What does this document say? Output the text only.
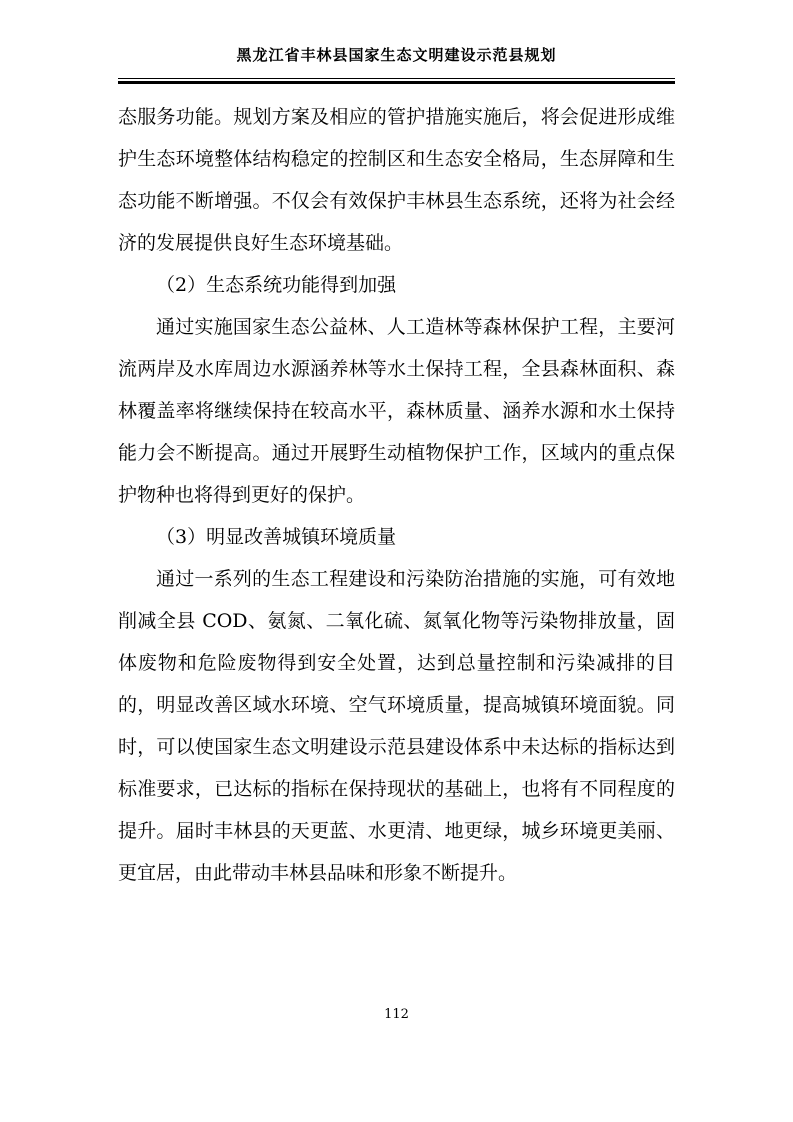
黑龙江省丰林县国家生态文明建设示范县规划

态服务功能。规划方案及相应的管护措施实施后，将会促进形成维护生态环境整体结构稳定的控制区和生态安全格局，生态屏障和生态功能不断增强。不仅会有效保护丰林县生态系统，还将为社会经济的发展提供良好生态环境基础。

（2）生态系统功能得到加强

通过实施国家生态公益林、人工造林等森林保护工程，主要河流两岸及水库周边水源涵养林等水土保持工程，全县森林面积、森林覆盖率将继续保持在较高水平，森林质量、涵养水源和水土保持能力会不断提高。通过开展野生动植物保护工作，区域内的重点保护物种也将得到更好的保护。

（3）明显改善城镇环境质量

通过一系列的生态工程建设和污染防治措施的实施，可有效地削减全县 COD、氨氮、二氧化硫、氮氧化物等污染物排放量，固体废物和危险废物得到安全处置，达到总量控制和污染减排的目的，明显改善区域水环境、空气环境质量，提高城镇环境面貌。同时，可以使国家生态文明建设示范县建设体系中未达标的指标达到标准要求，已达标的指标在保持现状的基础上，也将有不同程度的提升。届时丰林县的天更蓝、水更清、地更绿，城乡环境更美丽、更宜居，由此带动丰林县品味和形象不断提升。

112
